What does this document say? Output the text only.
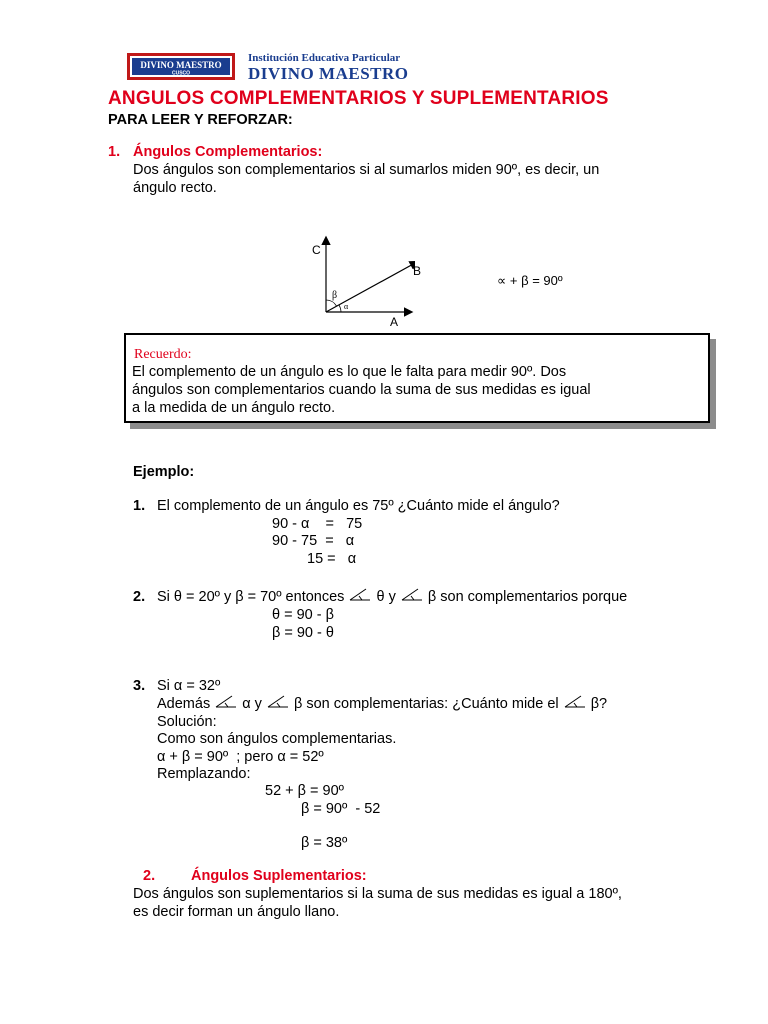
DIVINO MAESTRO
CUSCO
Institución Educativa Particular
DIVINO MAESTRO
ANGULOS COMPLEMENTARIOS Y SUPLEMENTARIOS
PARA LEER Y REFORZAR:
1. Ángulos Complementarios:
Dos ángulos son complementarios si al sumarlos miden 90º, es decir, un
ángulo recto.
C
B
A
β
α
∝ + β = 90º
Recuerdo:
El complemento de un ángulo es lo que le falta para medir 90º. Dos
ángulos son complementarios cuando la suma de sus medidas es igual
a la medida de un ángulo recto.
Ejemplo:
1. El complemento de un ángulo es 75º ¿Cuánto mide el ángulo?
90 - α    =   75
90 - 75  =   α
15 =   α
2. Si θ = 20º y β = 70º entonces θ y β son complementarios porque
θ = 90 - β
β = 90 - θ
3. Si α = 32º
Además α y β son complementarias: ¿Cuánto mide el β?
Solución:
Como son ángulos complementarias.
α + β = 90º  ; pero α = 52º
Remplazando:
52 + β = 90º
β = 90º  - 52
β = 38º
2. Ángulos Suplementarios:
Dos ángulos son suplementarios si la suma de sus medidas es igual a 180º,
es decir forman un ángulo llano.
